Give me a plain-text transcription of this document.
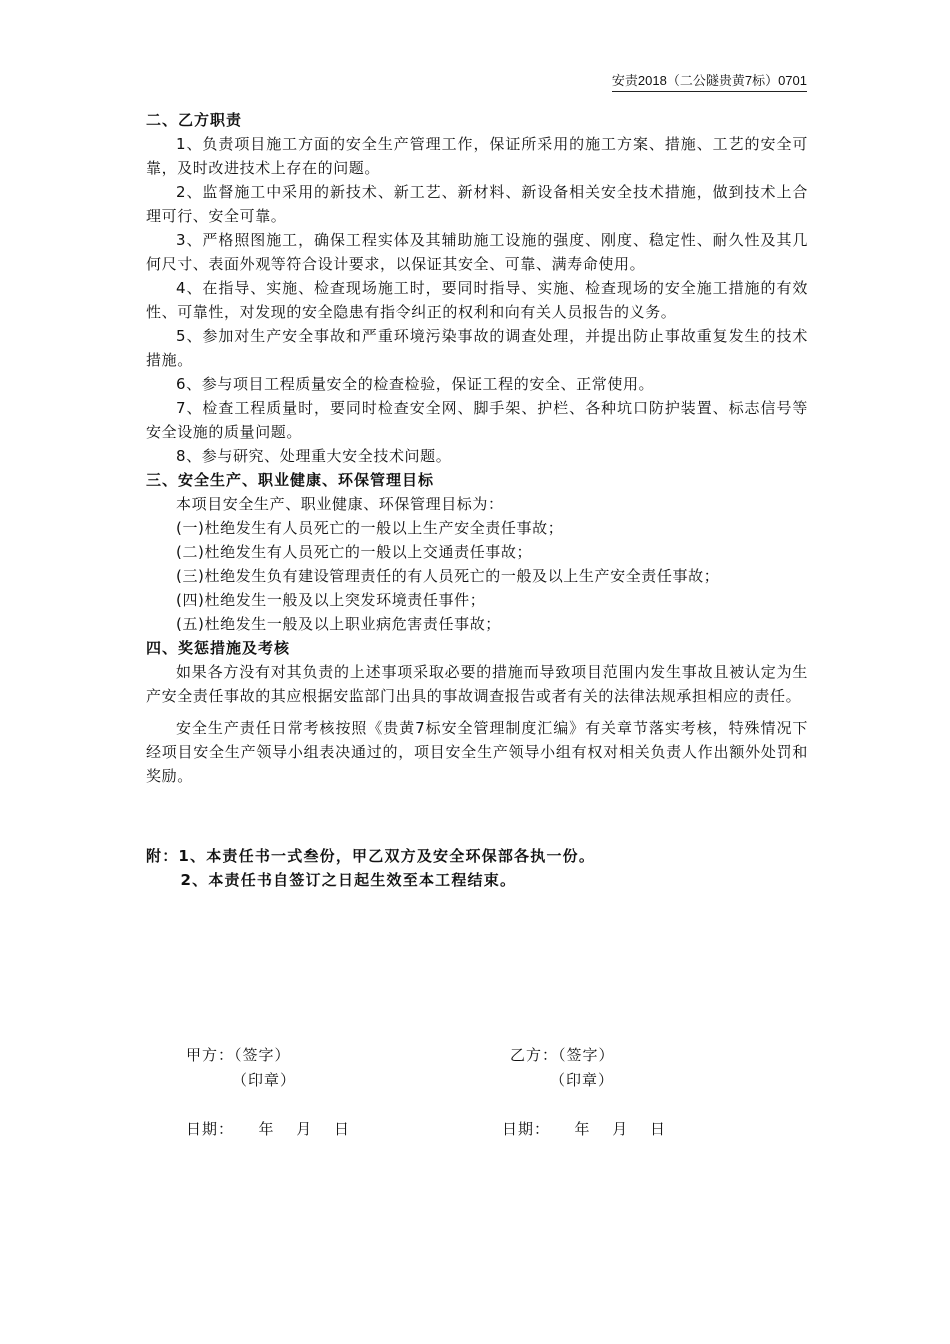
安责2018（二公隧贵黄7标）0701
二、乙方职责
1、负责项目施工方面的安全生产管理工作，保证所采用的施工方案、措施、工艺的安全可靠，及时改进技术上存在的问题。
2、监督施工中采用的新技术、新工艺、新材料、新设备相关安全技术措施，做到技术上合理可行、安全可靠。
3、严格照图施工，确保工程实体及其辅助施工设施的强度、刚度、稳定性、耐久性及其几何尺寸、表面外观等符合设计要求，以保证其安全、可靠、满寿命使用。
4、在指导、实施、检查现场施工时，要同时指导、实施、检查现场的安全施工措施的有效性、可靠性，对发现的安全隐患有指令纠正的权利和向有关人员报告的义务。
5、参加对生产安全事故和严重环境污染事故的调查处理，并提出防止事故重复发生的技术措施。
6、参与项目工程质量安全的检查检验，保证工程的安全、正常使用。
7、检查工程质量时，要同时检查安全网、脚手架、护栏、各种坑口防护装置、标志信号等安全设施的质量问题。
8、参与研究、处理重大安全技术问题。
三、安全生产、职业健康、环保管理目标
本项目安全生产、职业健康、环保管理目标为：
(一)杜绝发生有人员死亡的一般以上生产安全责任事故；
(二)杜绝发生有人员死亡的一般以上交通责任事故；
(三)杜绝发生负有建设管理责任的有人员死亡的一般及以上生产安全责任事故；
(四)杜绝发生一般及以上突发环境责任事件；
(五)杜绝发生一般及以上职业病危害责任事故；
四、奖惩措施及考核
如果各方没有对其负责的上述事项采取必要的措施而导致项目范围内发生事故且被认定为生产安全责任事故的其应根据安监部门出具的事故调查报告或者有关的法律法规承担相应的责任。
安全生产责任日常考核按照《贵黄7标安全管理制度汇编》有关章节落实考核，特殊情况下经项目安全生产领导小组表决通过的，项目安全生产领导小组有权对相关负责人作出额外处罚和奖励。
附：1、本责任书一式叁份，甲乙双方及安全环保部各执一份。
2、本责任书自签订之日起生效至本工程结束。
甲方：（签字）
（印章）
乙方：（签字）
（印章）
日期：　　年　 月 　日	日期：　　年　 月 　日
